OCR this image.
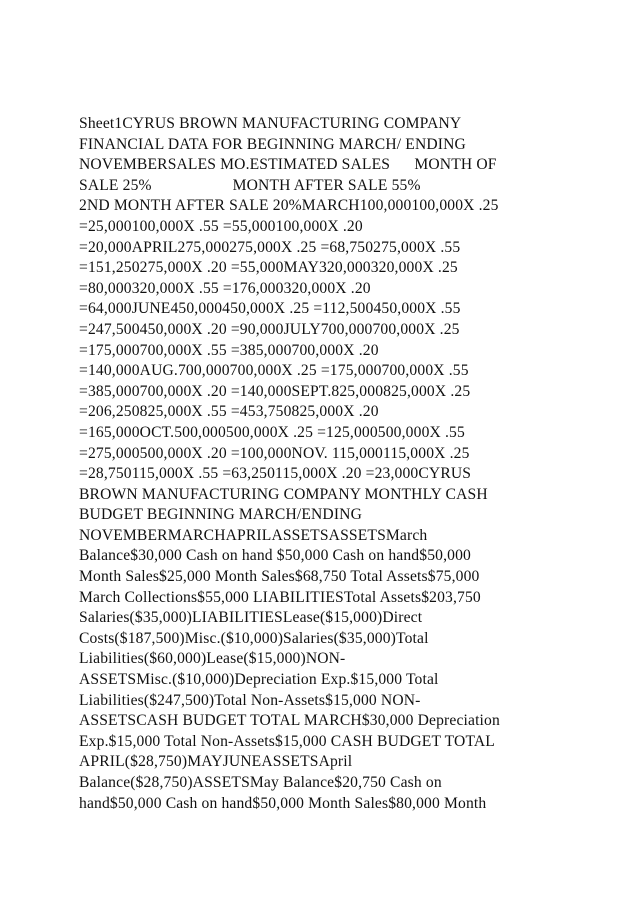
Sheet1CYRUS BROWN MANUFACTURING COMPANY
FINANCIAL DATA FOR BEGINNING MARCH/ ENDING
NOVEMBERSALES MO.ESTIMATED SALES      MONTH OF
SALE 25%                    MONTH AFTER SALE 55%
2ND MONTH AFTER SALE 20%MARCH100,000100,000X .25
=25,000100,000X .55 =55,000100,000X .20
=20,000APRIL275,000275,000X .25 =68,750275,000X .55
=151,250275,000X .20 =55,000MAY320,000320,000X .25
=80,000320,000X .55 =176,000320,000X .20
=64,000JUNE450,000450,000X .25 =112,500450,000X .55
=247,500450,000X .20 =90,000JULY700,000700,000X .25
=175,000700,000X .55 =385,000700,000X .20
=140,000AUG.700,000700,000X .25 =175,000700,000X .55
=385,000700,000X .20 =140,000SEPT.825,000825,000X .25
=206,250825,000X .55 =453,750825,000X .20
=165,000OCT.500,000500,000X .25 =125,000500,000X .55
=275,000500,000X .20 =100,000NOV. 115,000115,000X .25
=28,750115,000X .55 =63,250115,000X .20 =23,000CYRUS
BROWN MANUFACTURING COMPANY MONTHLY CASH
BUDGET BEGINNING MARCH/ENDING
NOVEMBERMARCHAPRILASSETSASSETSMarch
Balance$30,000 Cash on hand $50,000 Cash on hand$50,000
Month Sales$25,000 Month Sales$68,750 Total Assets$75,000
March Collections$55,000 LIABILITIESTotal Assets$203,750
Salaries($35,000)LIABILITIESLease($15,000)Direct
Costs($187,500)Misc.($10,000)Salaries($35,000)Total
Liabilities($60,000)Lease($15,000)NON-
ASSETSMisc.($10,000)Depreciation Exp.$15,000 Total
Liabilities($247,500)Total Non-Assets$15,000 NON-
ASSETSCASH BUDGET TOTAL MARCH$30,000 Depreciation
Exp.$15,000 Total Non-Assets$15,000 CASH BUDGET TOTAL
APRIL($28,750)MAYJUNEASSETSApril
Balance($28,750)ASSETSMay Balance$20,750 Cash on
hand$50,000 Cash on hand$50,000 Month Sales$80,000 Month
